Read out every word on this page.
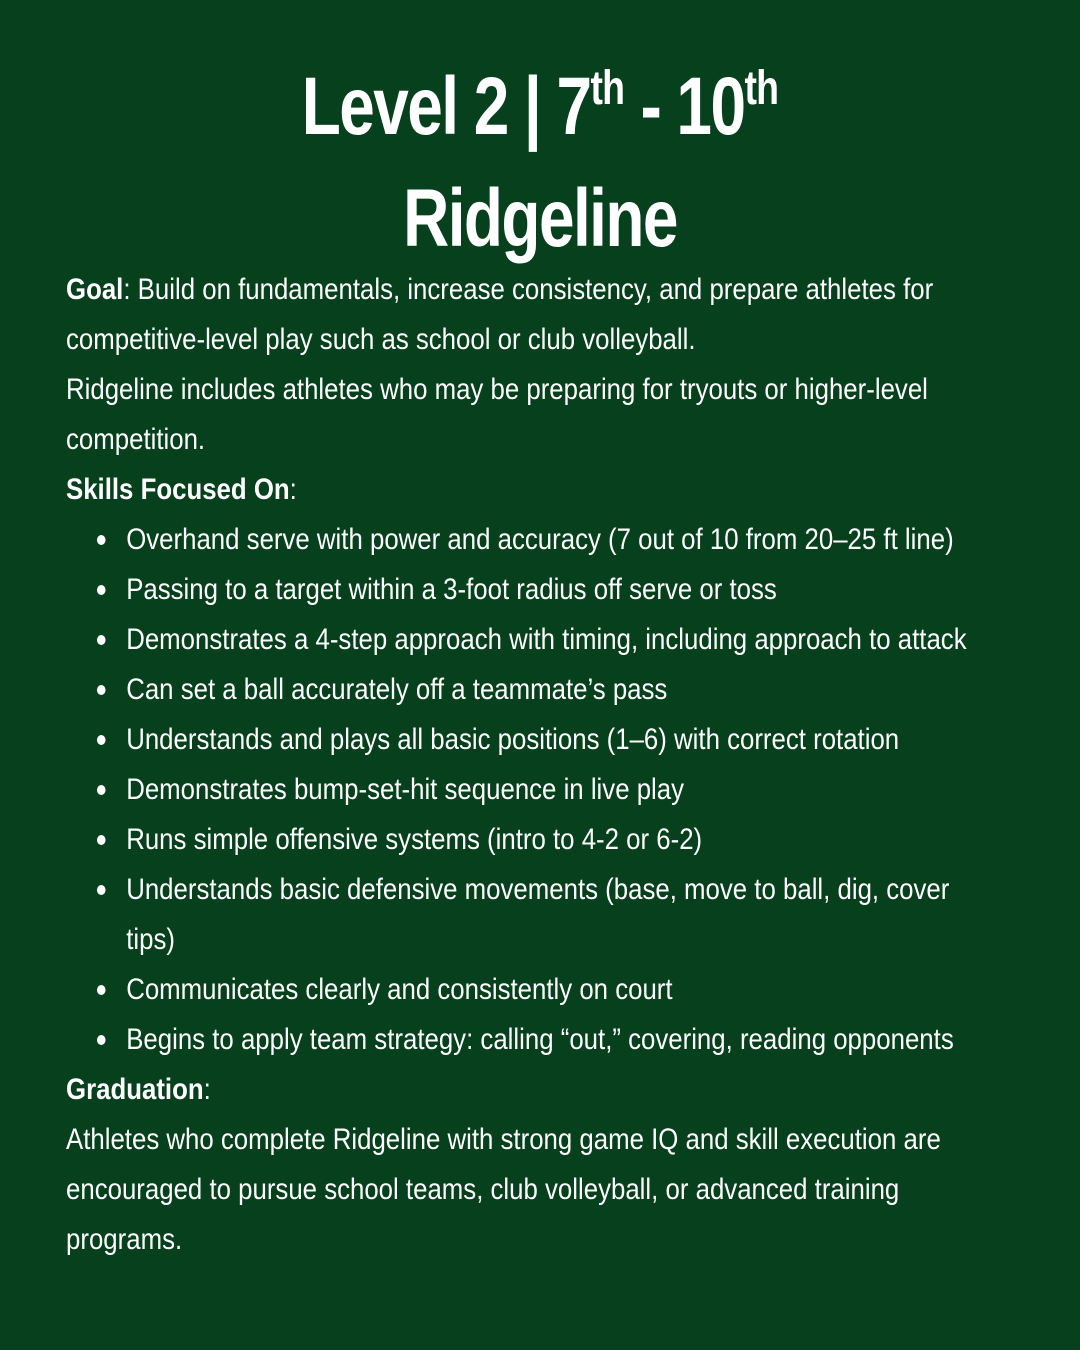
Level 2 | 7th - 10th
Ridgeline

Goal: Build on fundamentals, increase consistency, and prepare athletes for competitive-level play such as school or club volleyball.

Ridgeline includes athletes who may be preparing for tryouts or higher-level competition.

Skills Focused On:

Overhand serve with power and accuracy (7 out of 10 from 20–25 ft line)
Passing to a target within a 3-foot radius off serve or toss
Demonstrates a 4-step approach with timing, including approach to attack
Can set a ball accurately off a teammate’s pass
Understands and plays all basic positions (1–6) with correct rotation
Demonstrates bump-set-hit sequence in live play
Runs simple offensive systems (intro to 4-2 or 6-2)
Understands basic defensive movements (base, move to ball, dig, cover tips)
Communicates clearly and consistently on court
Begins to apply team strategy: calling “out,” covering, reading opponents

Graduation:

Athletes who complete Ridgeline with strong game IQ and skill execution are encouraged to pursue school teams, club volleyball, or advanced training programs.
